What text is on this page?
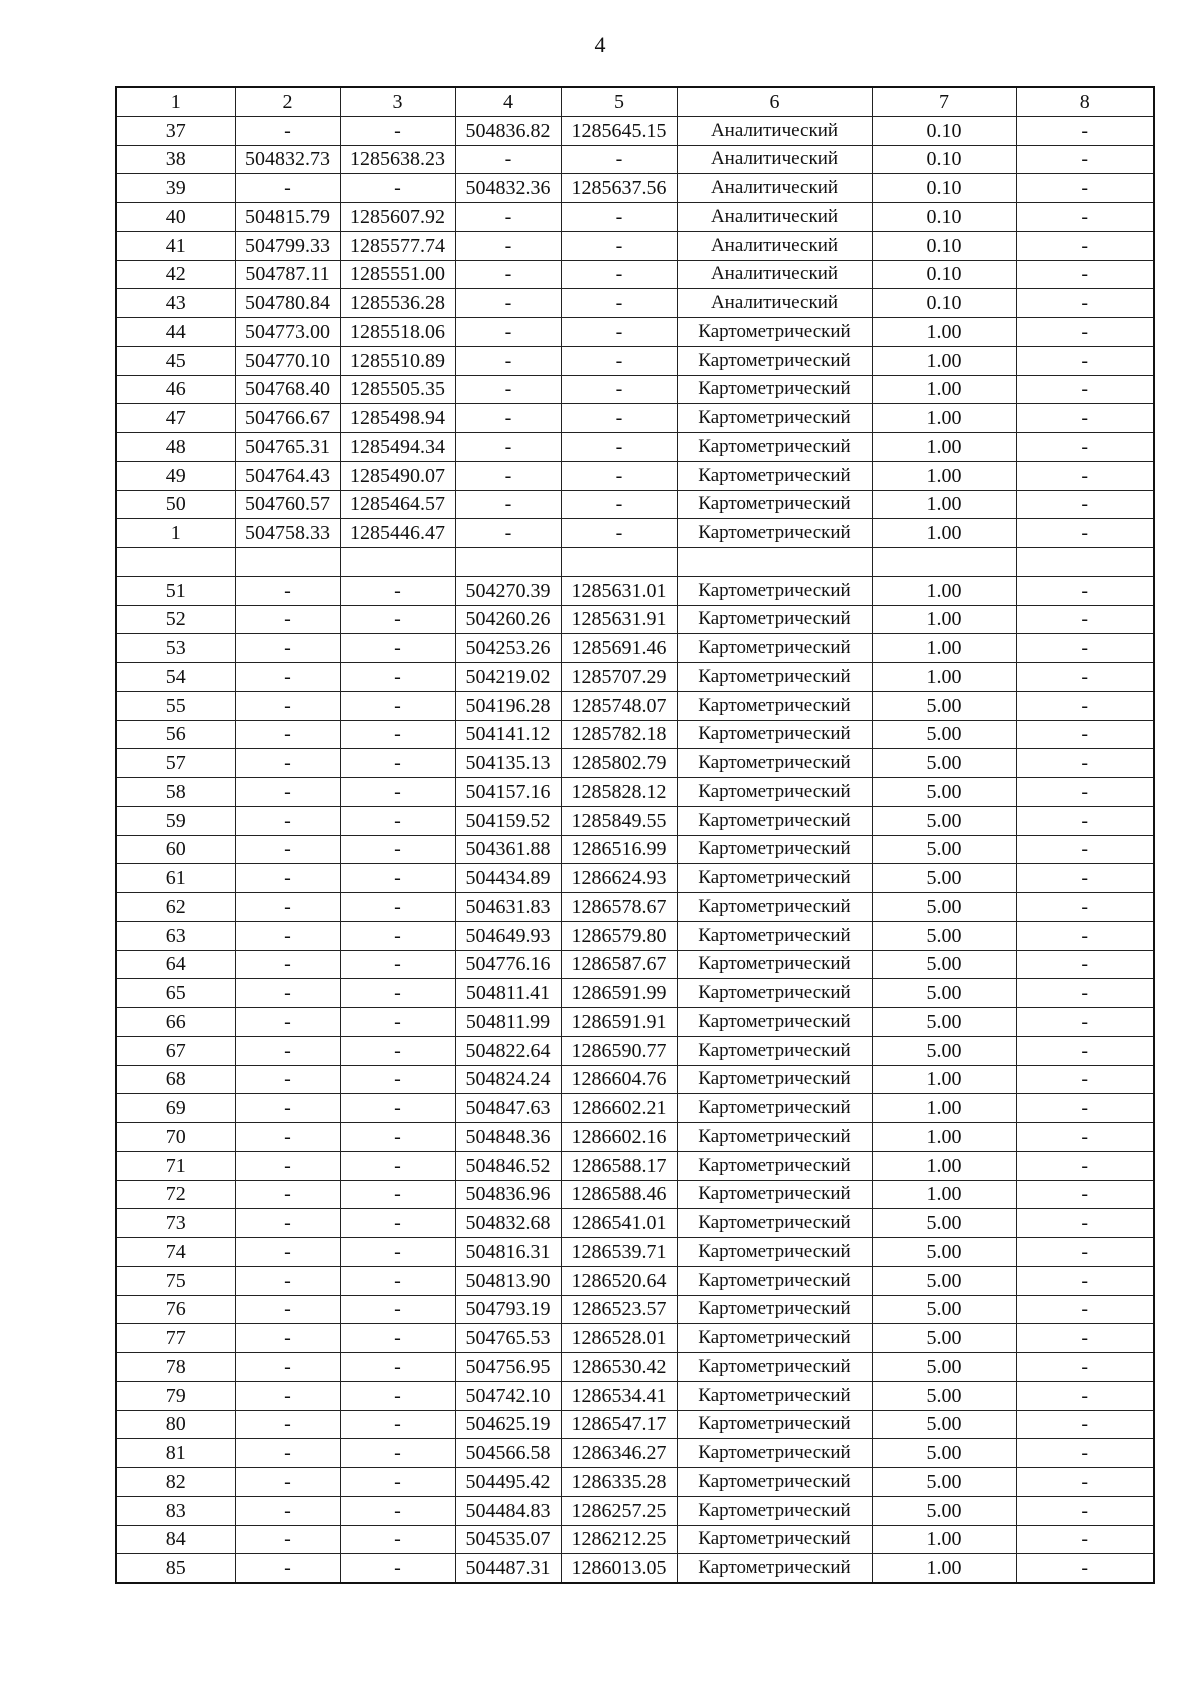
4
1	2	3	4	5	6	7	8
37	-	-	504836.82	1285645.15	Аналитический	0.10	-
38	504832.73	1285638.23	-	-	Аналитический	0.10	-
39	-	-	504832.36	1285637.56	Аналитический	0.10	-
40	504815.79	1285607.92	-	-	Аналитический	0.10	-
41	504799.33	1285577.74	-	-	Аналитический	0.10	-
42	504787.11	1285551.00	-	-	Аналитический	0.10	-
43	504780.84	1285536.28	-	-	Аналитический	0.10	-
44	504773.00	1285518.06	-	-	Картометрический	1.00	-
45	504770.10	1285510.89	-	-	Картометрический	1.00	-
46	504768.40	1285505.35	-	-	Картометрический	1.00	-
47	504766.67	1285498.94	-	-	Картометрический	1.00	-
48	504765.31	1285494.34	-	-	Картометрический	1.00	-
49	504764.43	1285490.07	-	-	Картометрический	1.00	-
50	504760.57	1285464.57	-	-	Картометрический	1.00	-
1	504758.33	1285446.47	-	-	Картометрический	1.00	-

51	-	-	504270.39	1285631.01	Картометрический	1.00	-
52	-	-	504260.26	1285631.91	Картометрический	1.00	-
53	-	-	504253.26	1285691.46	Картометрический	1.00	-
54	-	-	504219.02	1285707.29	Картометрический	1.00	-
55	-	-	504196.28	1285748.07	Картометрический	5.00	-
56	-	-	504141.12	1285782.18	Картометрический	5.00	-
57	-	-	504135.13	1285802.79	Картометрический	5.00	-
58	-	-	504157.16	1285828.12	Картометрический	5.00	-
59	-	-	504159.52	1285849.55	Картометрический	5.00	-
60	-	-	504361.88	1286516.99	Картометрический	5.00	-
61	-	-	504434.89	1286624.93	Картометрический	5.00	-
62	-	-	504631.83	1286578.67	Картометрический	5.00	-
63	-	-	504649.93	1286579.80	Картометрический	5.00	-
64	-	-	504776.16	1286587.67	Картометрический	5.00	-
65	-	-	504811.41	1286591.99	Картометрический	5.00	-
66	-	-	504811.99	1286591.91	Картометрический	5.00	-
67	-	-	504822.64	1286590.77	Картометрический	5.00	-
68	-	-	504824.24	1286604.76	Картометрический	1.00	-
69	-	-	504847.63	1286602.21	Картометрический	1.00	-
70	-	-	504848.36	1286602.16	Картометрический	1.00	-
71	-	-	504846.52	1286588.17	Картометрический	1.00	-
72	-	-	504836.96	1286588.46	Картометрический	1.00	-
73	-	-	504832.68	1286541.01	Картометрический	5.00	-
74	-	-	504816.31	1286539.71	Картометрический	5.00	-
75	-	-	504813.90	1286520.64	Картометрический	5.00	-
76	-	-	504793.19	1286523.57	Картометрический	5.00	-
77	-	-	504765.53	1286528.01	Картометрический	5.00	-
78	-	-	504756.95	1286530.42	Картометрический	5.00	-
79	-	-	504742.10	1286534.41	Картометрический	5.00	-
80	-	-	504625.19	1286547.17	Картометрический	5.00	-
81	-	-	504566.58	1286346.27	Картометрический	5.00	-
82	-	-	504495.42	1286335.28	Картометрический	5.00	-
83	-	-	504484.83	1286257.25	Картометрический	5.00	-
84	-	-	504535.07	1286212.25	Картометрический	1.00	-
85	-	-	504487.31	1286013.05	Картометрический	1.00	-
